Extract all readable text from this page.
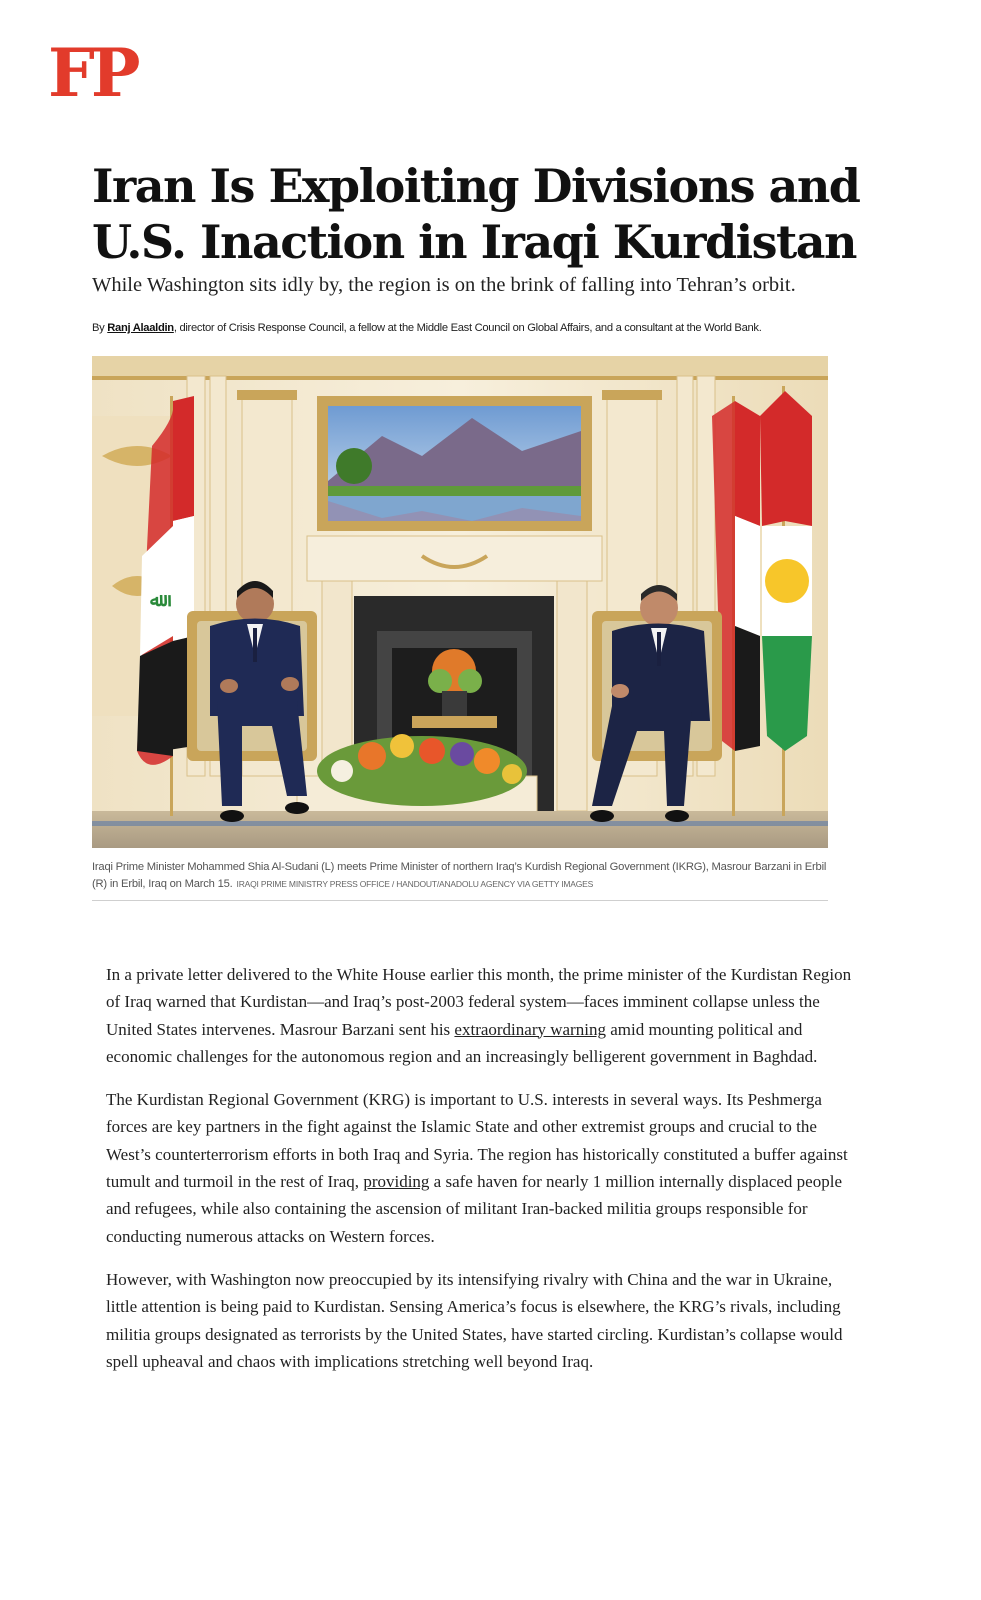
FP
Iran Is Exploiting Divisions and
U.S. Inaction in Iraqi Kurdistan

While Washington sits idly by, the region is on the brink of falling into Tehran’s orbit.

By Ranj Alaaldin, director of Crisis Response Council, a fellow at the Middle East Council on Global Affairs, and a consultant at the World Bank.
ﷲ
Iraqi Prime Minister Mohammed Shia Al-Sudani (L) meets Prime Minister of northern Iraq’s Kurdish Regional Government (IKRG), Masrour Barzani in Erbil (R) in Erbil, Iraq on March 15. IRAQI PRIME MINISTRY PRESS OFFICE / HANDOUT/ANADOLU AGENCY VIA GETTY IMAGES

In a private letter delivered to the White House earlier this month, the prime minister of the Kurdistan Region of Iraq warned that Kurdistan—and Iraq’s post-2003 federal system—faces imminent collapse unless the United States intervenes. Masrour Barzani sent his extraordinary warning amid mounting political and economic challenges for the autonomous region and an increasingly belligerent government in Baghdad.

The Kurdistan Regional Government (KRG) is important to U.S. interests in several ways. Its Peshmerga forces are key partners in the fight against the Islamic State and other extremist groups and crucial to the West’s counterterrorism efforts in both Iraq and Syria. The region has historically constituted a buffer against tumult and turmoil in the rest of Iraq, providing a safe haven for nearly 1 million internally displaced people and refugees, while also containing the ascension of militant Iran-backed militia groups responsible for conducting numerous attacks on Western forces.

However, with Washington now preoccupied by its intensifying rivalry with China and the war in Ukraine, little attention is being paid to Kurdistan. Sensing America’s focus is elsewhere, the KRG’s rivals, including militia groups designated as terrorists by the United States, have started circling. Kurdistan’s collapse would spell upheaval and chaos with implications stretching well beyond Iraq.
